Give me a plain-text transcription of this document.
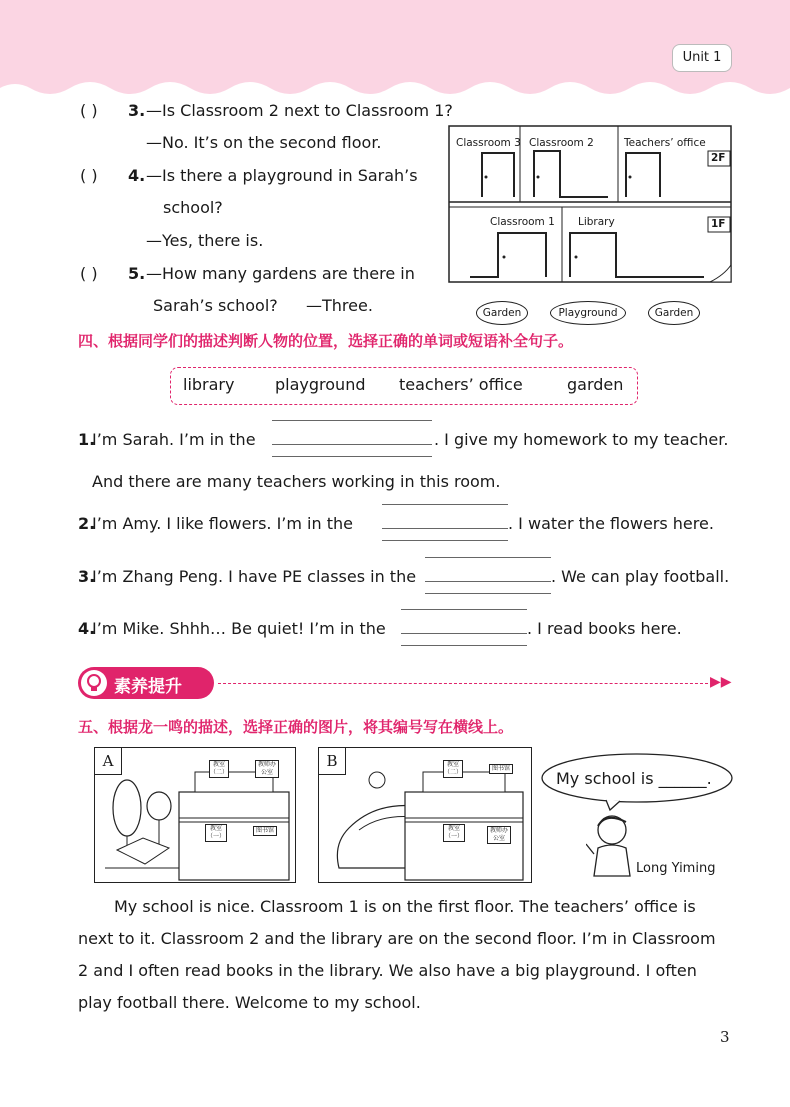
Unit 1
( ) 3. —Is Classroom 2 next to Classroom 1?
—No. It’s on the second floor.
( ) 4. —Is there a playground in Sarah’s
school?
—Yes, there is.
( ) 5. —How many gardens are there in
Sarah’s school? —Three.
Classroom 3 Classroom 2	Teachers’ office
2F
Classroom 1 Library	1F
Garden	Playground	Garden
四、根据同学们的描述判断人物的位置，选择正确的单词或短语补全句子。
library	playground teachers’ office	garden
1.
I’m Sarah. I’m in the	. I give my homework to my teacher.
And there are many teachers working in this room.
2.
I’m Amy. I like flowers. I’m in the	. I water the flowers here.
3.
I’m Zhang Peng. I have PE classes in the	. We can play football.
4.
I’m Mike. Shhh… Be quiet! I’m in the	. I read books here.
素养提升	▶▶
五、根据龙一鸣的描述，选择正确的图片，将其编号写在横线上。
A	教室（二）
教师办公室
教室（一）
图书馆
B	教室（二）
图书馆
教室（一）
教师办公室
My school is ______.
Long Yiming
My school is nice. Classroom 1 is on the first floor. The teachers’ office is
next to it. Classroom 2 and the library are on the second floor. I’m in Classroom
2 and I often read books in the library. We also have a big playground. I often
play football there. Welcome to my school.
3
